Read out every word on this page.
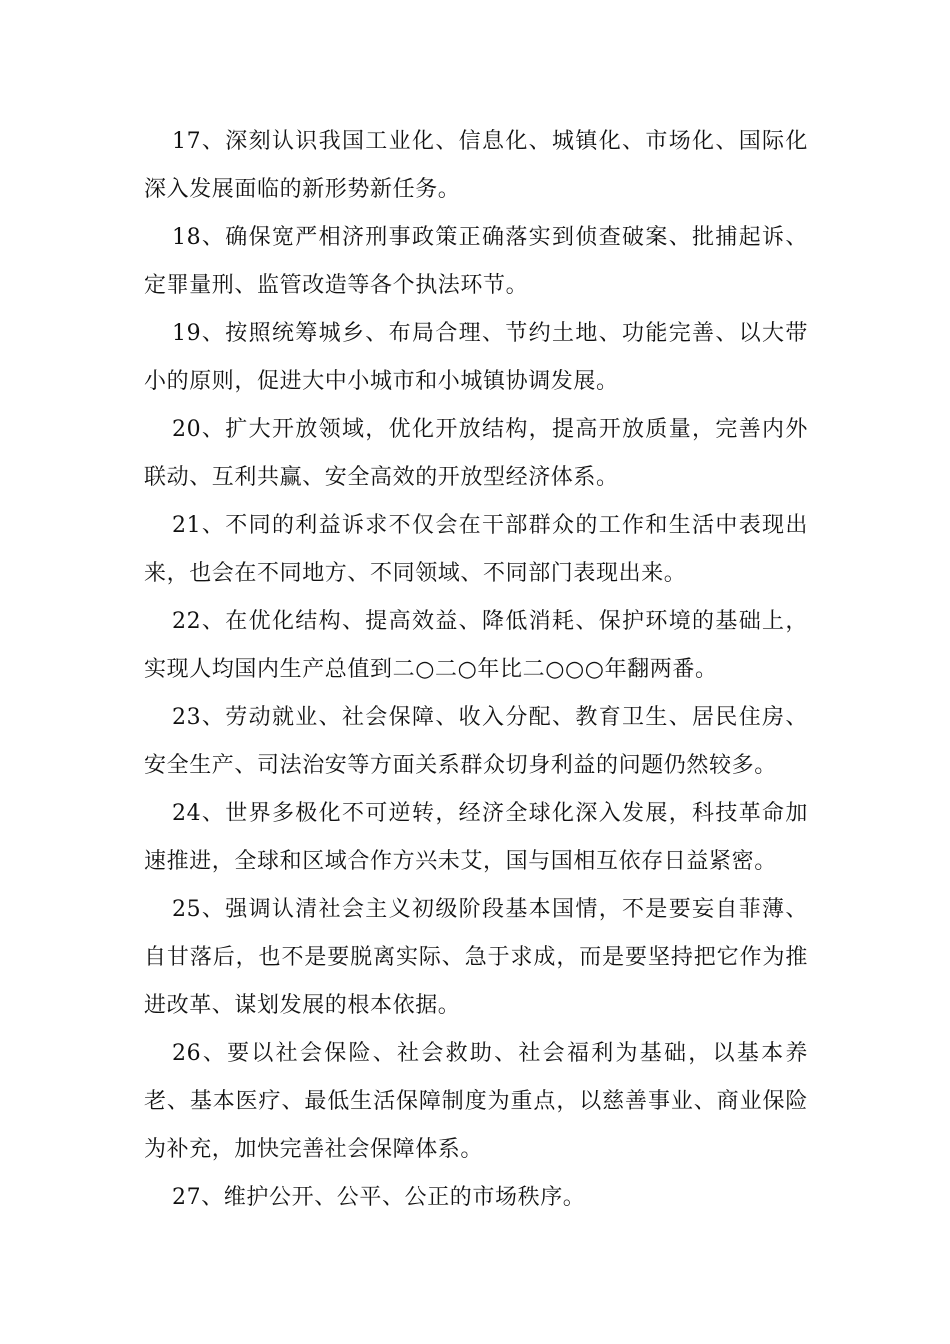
17、深刻认识我国工业化、信息化、城镇化、市场化、国际化深入发展面临的新形势新任务。

18、确保宽严相济刑事政策正确落实到侦查破案、批捕起诉、定罪量刑、监管改造等各个执法环节。

19、按照统筹城乡、布局合理、节约土地、功能完善、以大带小的原则，促进大中小城市和小城镇协调发展。

20、扩大开放领域，优化开放结构，提高开放质量，完善内外联动、互利共赢、安全高效的开放型经济体系。

21、不同的利益诉求不仅会在干部群众的工作和生活中表现出来，也会在不同地方、不同领域、不同部门表现出来。

22、在优化结构、提高效益、降低消耗、保护环境的基础上，实现人均国内生产总值到二○二○年比二○○○年翻两番。

23、劳动就业、社会保障、收入分配、教育卫生、居民住房、安全生产、司法治安等方面关系群众切身利益的问题仍然较多。

24、世界多极化不可逆转，经济全球化深入发展，科技革命加速推进，全球和区域合作方兴未艾，国与国相互依存日益紧密。

25、强调认清社会主义初级阶段基本国情，不是要妄自菲薄、自甘落后，也不是要脱离实际、急于求成，而是要坚持把它作为推进改革、谋划发展的根本依据。

26、要以社会保险、社会救助、社会福利为基础，以基本养老、基本医疗、最低生活保障制度为重点，以慈善事业、商业保险为补充，加快完善社会保障体系。

27、维护公开、公平、公正的市场秩序。
